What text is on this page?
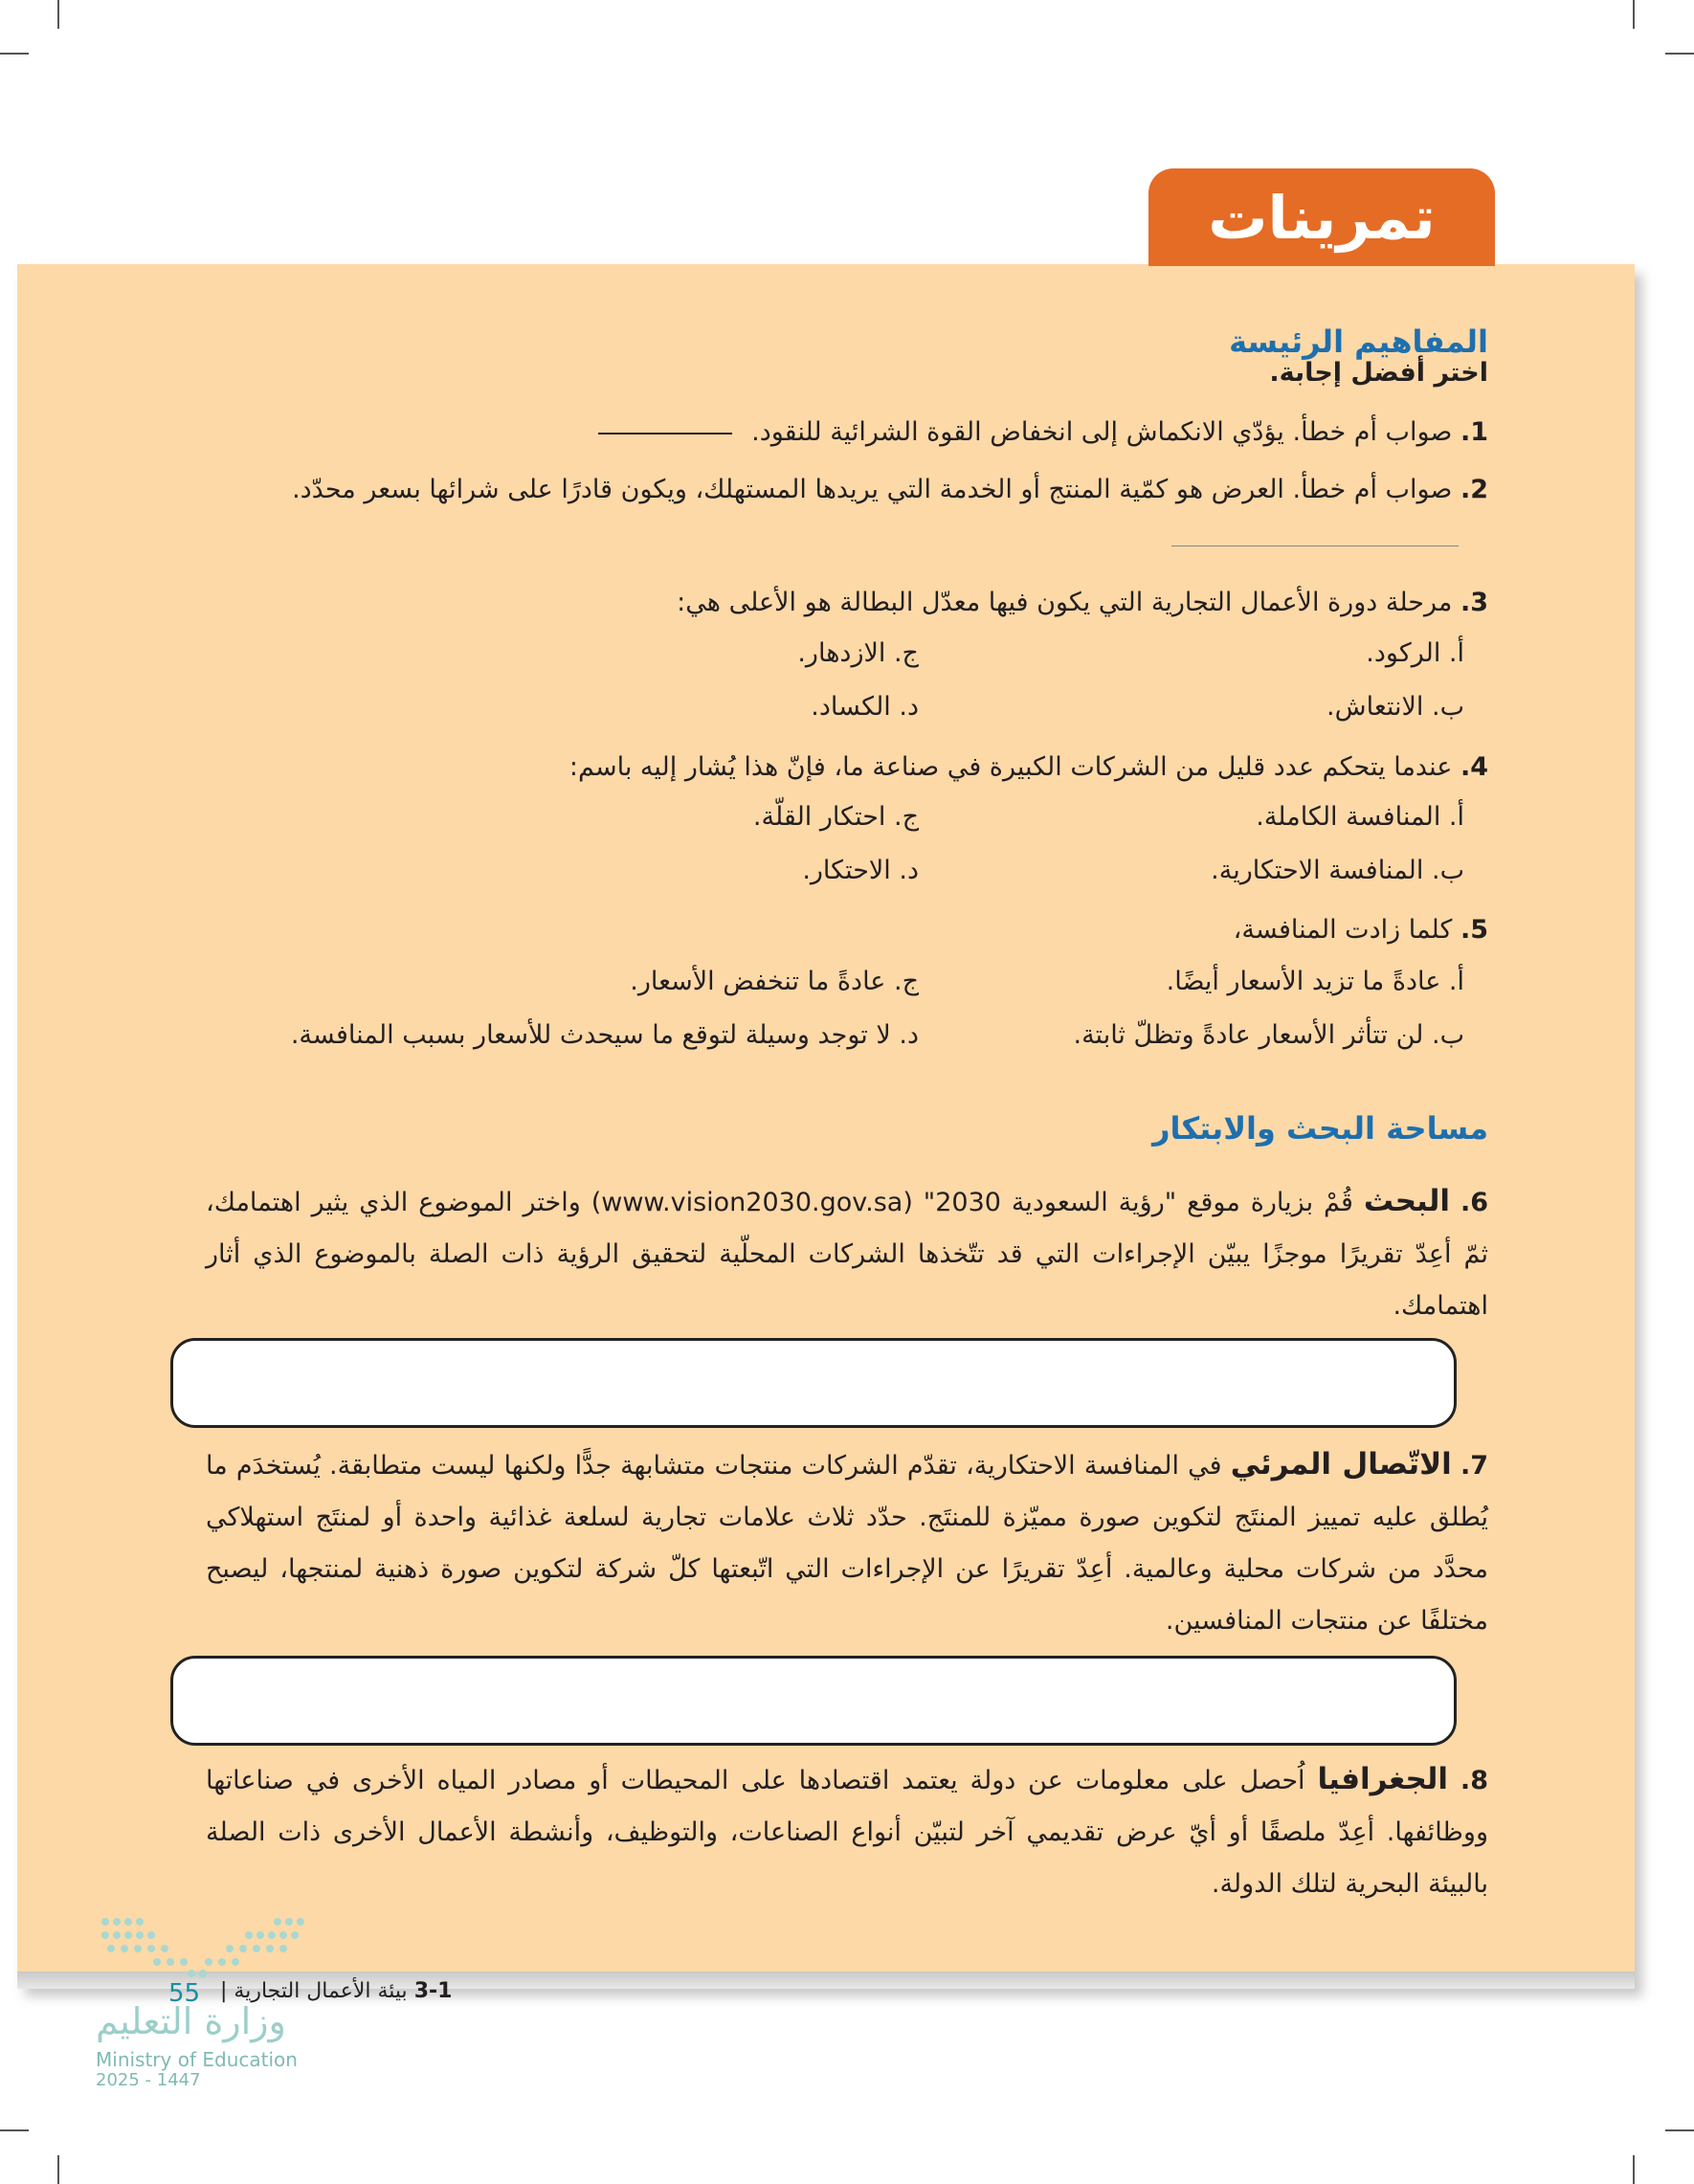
تمرينات
المفاهيم الرئيسة
اختر أفضل إجابة.
1. صواب أم خطأ. يؤدّي الانكماش إلى انخفاض القوة الشرائية للنقود.
2. صواب أم خطأ. العرض هو كمّية المنتج أو الخدمة التي يريدها المستهلك، ويكون قادرًا على شرائها بسعر محدّد.
3. مرحلة دورة الأعمال التجارية التي يكون فيها معدّل البطالة هو الأعلى هي:
أ. الركود.
ج. الازدهار.
ب. الانتعاش.
د. الكساد.
4. عندما يتحكم عدد قليل من الشركات الكبيرة في صناعة ما، فإنّ هذا يُشار إليه باسم:
أ. المنافسة الكاملة.
ج. احتكار القلّة.
ب. المنافسة الاحتكارية.
د. الاحتكار.
5. كلما زادت المنافسة،
أ. عادةً ما تزيد الأسعار أيضًا.
ج. عادةً ما تنخفض الأسعار.
ب. لن تتأثر الأسعار عادةً وتظلّ ثابتة.
د. لا توجد وسيلة لتوقع ما سيحدث للأسعار بسبب المنافسة.
مساحة البحث والابتكار
6. البحث قُمْ بزيارة موقع "رؤية السعودية 2030" (www.vision2030.gov.sa) واختر الموضوع الذي يثير اهتمامك، ثمّ أعِدّ تقريرًا موجزًا يبيّن الإجراءات التي قد تتّخذها الشركات المحلّية لتحقيق الرؤية ذات الصلة بالموضوع الذي أثار اهتمامك.
7. الاتّصال المرئي في المنافسة الاحتكارية، تقدّم الشركات منتجات متشابهة جدًّا ولكنها ليست متطابقة. يُستخدَم ما يُطلق عليه تمييز المنتَج لتكوين صورة مميّزة للمنتَج. حدّد ثلاث علامات تجارية لسلعة غذائية واحدة أو لمنتَج استهلاكي محدَّد من شركات محلية وعالمية. أعِدّ تقريرًا عن الإجراءات التي اتّبعتها كلّ شركة لتكوين صورة ذهنية لمنتجها، ليصبح مختلفًا عن منتجات المنافسين.
8. الجغرافيا اُحصل على معلومات عن دولة يعتمد اقتصادها على المحيطات أو مصادر المياه الأخرى في صناعاتها ووظائفها. أعِدّ ملصقًا أو أيّ عرض تقديمي آخر لتبيّن أنواع الصناعات، والتوظيف، وأنشطة الأعمال الأخرى ذات الصلة بالبيئة البحرية لتلك الدولة.
وزارة التعليم
Ministry of Education
2025 - 1447
55	3-1 بيئة الأعمال التجارية |
